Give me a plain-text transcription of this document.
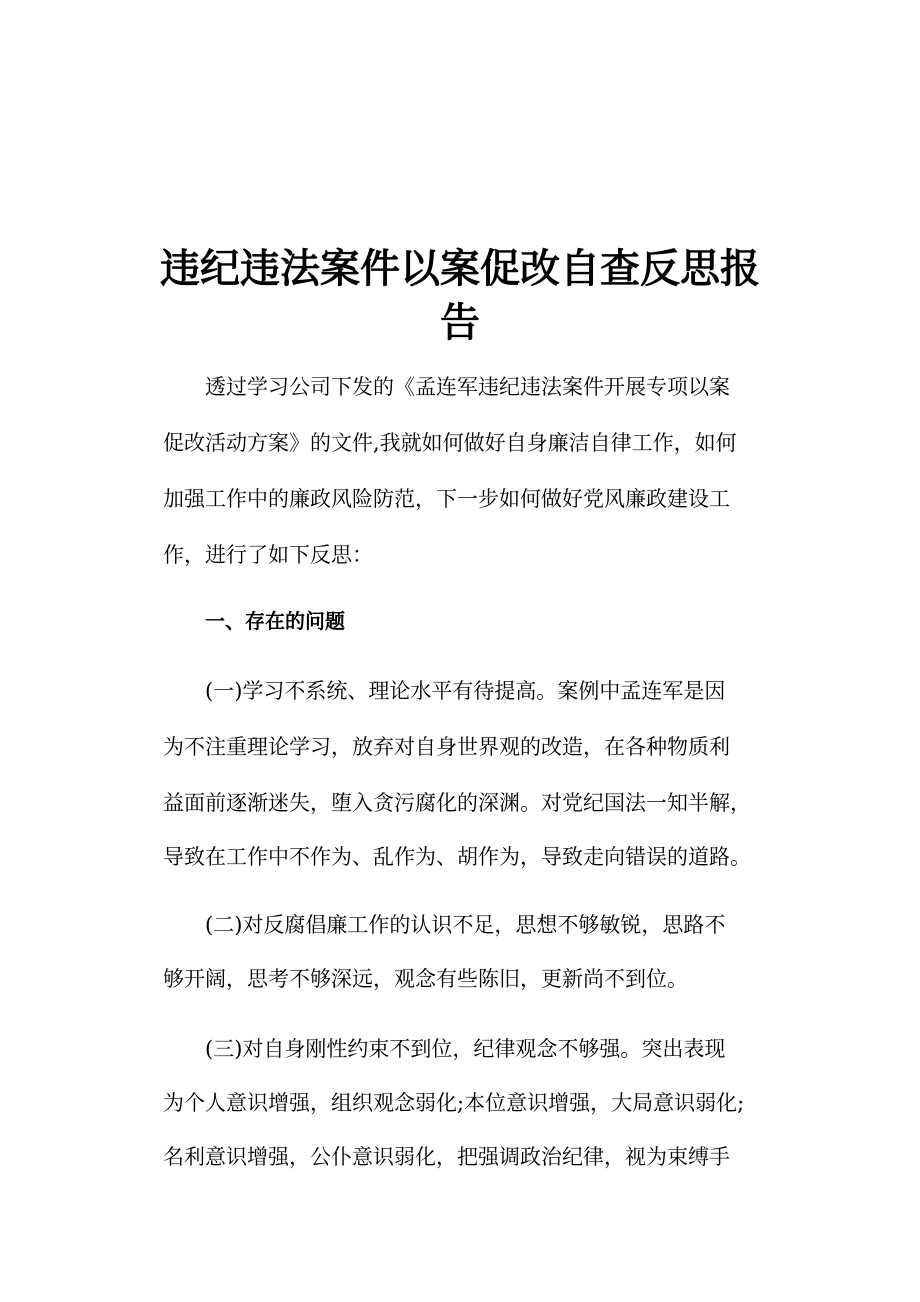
违纪违法案件以案促改自查反思报
告

透过学习公司下发的《孟连军违纪违法案件开展专项以案

促改活动方案》的文件,我就如何做好自身廉洁自律工作，如何

加强工作中的廉政风险防范，下一步如何做好党风廉政建设工

作，进行了如下反思：

一、存在的问题

(一)学习不系统、理论水平有待提高。案例中孟连军是因

为不注重理论学习，放弃对自身世界观的改造，在各种物质利

益面前逐渐迷失，堕入贪污腐化的深渊。对党纪国法一知半解，

导致在工作中不作为、乱作为、胡作为，导致走向错误的道路。

(二)对反腐倡廉工作的认识不足，思想不够敏锐，思路不

够开阔，思考不够深远，观念有些陈旧，更新尚不到位。

(三)对自身刚性约束不到位，纪律观念不够强。突出表现

为个人意识增强，组织观念弱化;本位意识增强，大局意识弱化;

名利意识增强，公仆意识弱化，把强调政治纪律，视为束缚手
